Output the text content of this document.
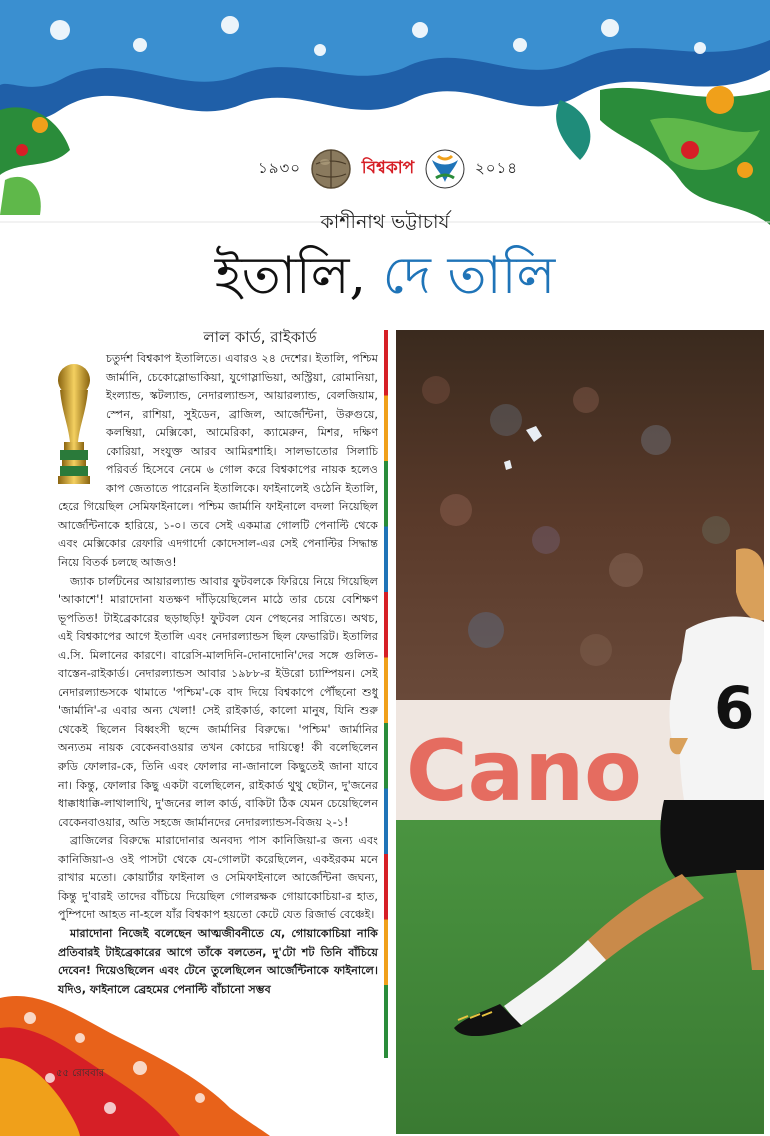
১৯৩০	বিশ্বকাপ	২০১৪
কাশীনাথ ভট্টাচার্য
ইতালি, দে তালি
লাল কার্ড, রাইকার্ড

চতুর্দশ বিশ্বকাপ ইতালিতে। এবারও ২৪ দেশের। ইতালি, পশ্চিম জার্মানি, চেকোস্লোভাকিয়া, যুগোস্লাভিয়া, অস্ট্রিয়া, রোমানিয়া, ইংল্যান্ড, স্কটল্যান্ড, নেদারল্যান্ডস, আয়ারল্যান্ড, বেলজিয়াম, স্পেন, রাশিয়া, সুইডেন, ব্রাজিল, আর্জেন্টিনা, উরুগুয়ে, কলম্বিয়া, মেক্সিকো, আমেরিকা, ক্যামেরুন, মিশর, দক্ষিণ কোরিয়া, সংযুক্ত আরব আমিরশাহি। সালভাতোর সিলাচি পরিবর্ত হিসেবে নেমে ৬ গোল করে বিশ্বকাপের নায়ক হলেও কাপ জেতাতে পারেননি ইতালিকে। ফাইনালেই ওঠেনি ইতালি, হেরে গিয়েছিল সেমিফাইনালে। পশ্চিম জার্মানি ফাইনালে বদলা নিয়েছিল আর্জেন্টিনাকে হারিয়ে, ১-০। তবে সেই একমাত্র গোলটি পেনাল্টি থেকে এবং মেক্সিকোর রেফারি এদগার্দো কোদেসাল-এর সেই পেনাল্টির সিদ্ধান্ত নিয়ে বিতর্ক চলছে আজও!

জ্যাক চার্লটনের আয়ারল্যান্ড আবার ফুটবলকে ফিরিয়ে নিয়ে গিয়েছিল 'আকাশে'! মারাদোনা যতক্ষণ দাঁড়িয়েছিলেন মাঠে তার চেয়ে বেশিক্ষণ ভূপতিত! টাইব্রেকারের ছড়াছড়ি! ফুটবল যেন পেছনের সারিতে। অথচ, এই বিশ্বকাপের আগে ইতালি এবং নেদারল্যান্ডস ছিল ফেভারিট। ইতালির এ.সি. মিলানের কারণে। বারেসি-মালদিনি-দোনাদোনি'দের সঙ্গে গুলিত-বাস্তেন-রাইকার্ড। নেদারল্যান্ডস আবার ১৯৮৮-র ইউরো চ্যাম্পিয়ন। সেই নেদারল্যান্ডসকে থামাতে 'পশ্চিম'-কে বাদ দিয়ে বিশ্বকাপে পৌঁছনো শুধু 'জার্মানি'-র এবার অন্য খেলা! সেই রাইকার্ড, কালো মানুষ, যিনি শুরু থেকেই ছিলেন বিধ্বংসী ছন্দে জার্মানির বিরুদ্ধে। 'পশ্চিম' জার্মানির অন্যতম নায়ক বেকেনবাওয়ার তখন কোচের দায়িত্বে! কী বলেছিলেন রুডি ফোলার-কে, তিনি এবং ফোলার না-জানালে কিছুতেই জানা যাবে না। কিন্তু, ফোলার কিছু একটা বলেছিলেন, রাইকার্ড থুথু ছেটান, দু'জনের ধাক্কাধাক্কি-লাথালাথি, দু'জনের লাল কার্ড, বাকিটা ঠিক যেমন চেয়েছিলেন বেকেনবাওয়ার, অতি সহজে জার্মানদের নেদারল্যান্ডস-বিজয় ২-১!

ব্রাজিলের বিরুদ্ধে মারাদোনার অনবদ্য পাস কানিজিয়া-র জন্য এবং কানিজিয়া-ও ওই পাসটা থেকে যে-গোলটা করেছিলেন, একইরকম মনে রাখার মতো। কোয়ার্টার ফাইনাল ও সেমিফাইনালে আর্জেন্টিনা জঘন্য, কিন্তু দু'বারই তাদের বাঁচিয়ে দিয়েছিল গোলরক্ষক গোয়াকোচিয়া-র হাত, পুম্পিদো আহত না-হলে যাঁর বিশ্বকাপ হয়তো কেটে যেত রিজার্ভ বেঞ্চেই।

মারাদোনা নিজেই বলেছেন আত্মজীবনীতে যে, গোয়াকোচিয়া নাকি প্রতিবারই টাইব্রেকারের আগে তাঁকে বলতেন, দু'টো শট তিনি বাঁচিয়ে দেবেন! দিয়েওছিলেন এবং টেনে তুলেছিলেন আর্জেন্টিনাকে ফাইনালে। যদিও, ফাইনালে ব্রেহমের পেনাল্টি বাঁচানো সম্ভব

Cano
6
৫৫ রোববার
